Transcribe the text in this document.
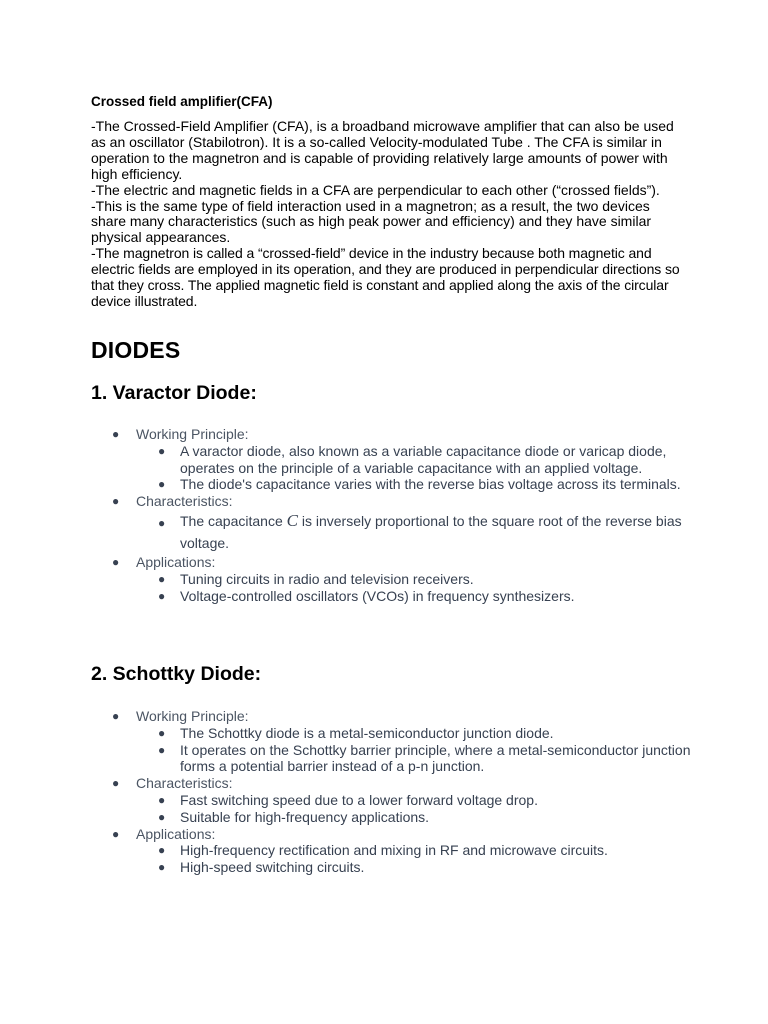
Crossed field amplifier(CFA)

-The Crossed-Field Amplifier (CFA), is a broadband microwave amplifier that can also be used as an oscillator (Stabilotron). It is a so-called Velocity-modulated Tube . The CFA is similar in operation to the magnetron and is capable of providing relatively large amounts of power with high efficiency.

-The electric and magnetic fields in a CFA are perpendicular to each other (“crossed fields”).

-This is the same type of field interaction used in a magnetron; as a result, the two devices share many characteristics (such as high peak power and efficiency) and they have similar physical appearances.

-The magnetron is called a “crossed-field” device in the industry because both magnetic and electric fields are employed in its operation, and they are produced in perpendicular directions so that they cross. The applied magnetic field is constant and applied along the axis of the circular device illustrated.

DIODES
1. Varactor Diode:
● Working Principle:
● A varactor diode, also known as a variable capacitance diode or varicap diode, operates on the principle of a variable capacitance with an applied voltage.
● The diode's capacitance varies with the reverse bias voltage across its terminals.
● Characteristics:
● The capacitance C is inversely proportional to the square root of the reverse bias voltage.
● Applications:
● Tuning circuits in radio and television receivers.
● Voltage-controlled oscillators (VCOs) in frequency synthesizers.
2. Schottky Diode:
● Working Principle:
● The Schottky diode is a metal-semiconductor junction diode.
● It operates on the Schottky barrier principle, where a metal-semiconductor junction forms a potential barrier instead of a p-n junction.
● Characteristics:
● Fast switching speed due to a lower forward voltage drop.
● Suitable for high-frequency applications.
● Applications:
● High-frequency rectification and mixing in RF and microwave circuits.
● High-speed switching circuits.
